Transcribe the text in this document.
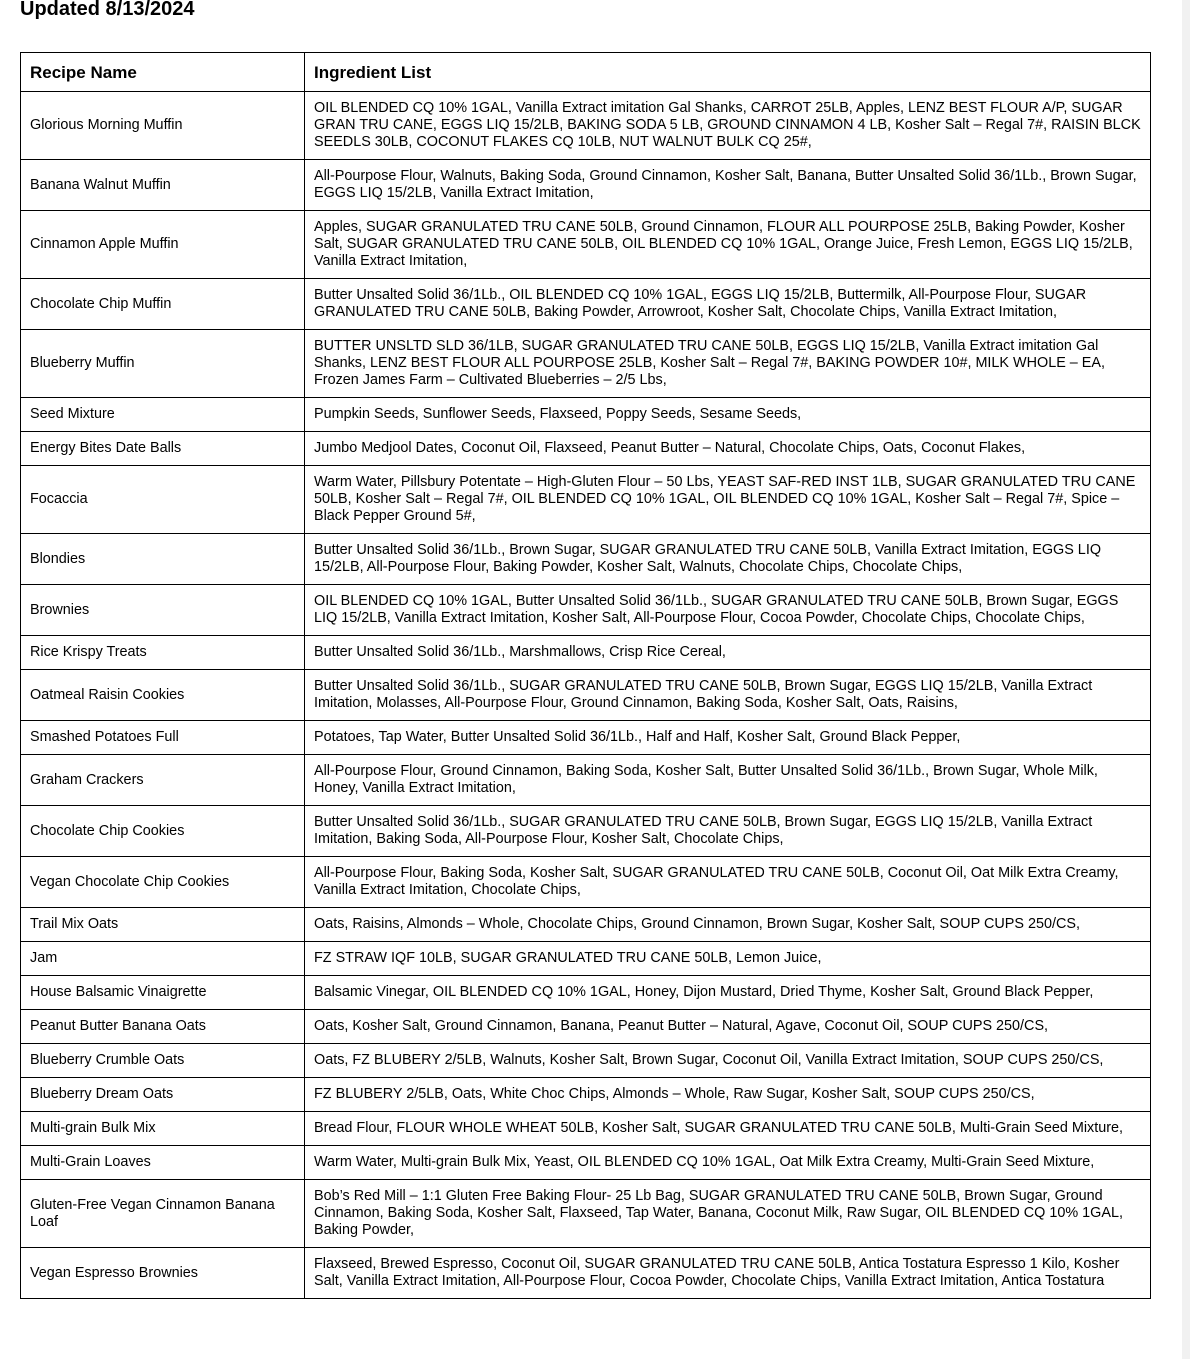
Updated 8/13/2024
Recipe Name	Ingredient List
Glorious Morning Muffin	OIL BLENDED CQ 10% 1GAL, Vanilla Extract imitation Gal Shanks, CARROT 25LB, Apples, LENZ BEST FLOUR A/P, SUGAR GRAN TRU CANE, EGGS LIQ 15/2LB, BAKING SODA 5 LB, GROUND CINNAMON 4 LB, Kosher Salt – Regal 7#, RAISIN BLCK SEEDLS 30LB, COCONUT FLAKES CQ 10LB, NUT WALNUT BULK CQ 25#,
Banana Walnut Muffin	All-Pourpose Flour, Walnuts, Baking Soda, Ground Cinnamon, Kosher Salt, Banana, Butter Unsalted Solid 36/1Lb., Brown Sugar, EGGS LIQ 15/2LB, Vanilla Extract Imitation,
Cinnamon Apple Muffin	Apples, SUGAR GRANULATED TRU CANE 50LB, Ground Cinnamon, FLOUR ALL POURPOSE 25LB, Baking Powder, Kosher Salt, SUGAR GRANULATED TRU CANE 50LB, OIL BLENDED CQ 10% 1GAL, Orange Juice, Fresh Lemon, EGGS LIQ 15/2LB, Vanilla Extract Imitation,
Chocolate Chip Muffin	Butter Unsalted Solid 36/1Lb., OIL BLENDED CQ 10% 1GAL, EGGS LIQ 15/2LB, Buttermilk, All-Pourpose Flour, SUGAR GRANULATED TRU CANE 50LB, Baking Powder, Arrowroot, Kosher Salt, Chocolate Chips, Vanilla Extract Imitation,
Blueberry Muffin	BUTTER UNSLTD SLD 36/1LB, SUGAR GRANULATED TRU CANE 50LB, EGGS LIQ 15/2LB, Vanilla Extract imitation Gal Shanks, LENZ BEST FLOUR ALL POURPOSE 25LB, Kosher Salt – Regal 7#, BAKING POWDER 10#, MILK WHOLE – EA, Frozen James Farm – Cultivated Blueberries – 2/5 Lbs,
Seed Mixture	Pumpkin Seeds, Sunflower Seeds, Flaxseed, Poppy Seeds, Sesame Seeds,
Energy Bites Date Balls	Jumbo Medjool Dates, Coconut Oil, Flaxseed, Peanut Butter – Natural, Chocolate Chips, Oats, Coconut Flakes,
Focaccia	Warm Water, Pillsbury Potentate – High-Gluten Flour – 50 Lbs, YEAST SAF-RED INST 1LB, SUGAR GRANULATED TRU CANE 50LB, Kosher Salt – Regal 7#, OIL BLENDED CQ 10% 1GAL, OIL BLENDED CQ 10% 1GAL, Kosher Salt – Regal 7#, Spice – Black Pepper Ground 5#,
Blondies	Butter Unsalted Solid 36/1Lb., Brown Sugar, SUGAR GRANULATED TRU CANE 50LB, Vanilla Extract Imitation, EGGS LIQ 15/2LB, All-Pourpose Flour, Baking Powder, Kosher Salt, Walnuts, Chocolate Chips, Chocolate Chips,
Brownies	OIL BLENDED CQ 10% 1GAL, Butter Unsalted Solid 36/1Lb., SUGAR GRANULATED TRU CANE 50LB, Brown Sugar, EGGS LIQ 15/2LB, Vanilla Extract Imitation, Kosher Salt, All-Pourpose Flour, Cocoa Powder, Chocolate Chips, Chocolate Chips,
Rice Krispy Treats	Butter Unsalted Solid 36/1Lb., Marshmallows, Crisp Rice Cereal,
Oatmeal Raisin Cookies	Butter Unsalted Solid 36/1Lb., SUGAR GRANULATED TRU CANE 50LB, Brown Sugar, EGGS LIQ 15/2LB, Vanilla Extract Imitation, Molasses, All-Pourpose Flour, Ground Cinnamon, Baking Soda, Kosher Salt, Oats, Raisins,
Smashed Potatoes Full	Potatoes, Tap Water, Butter Unsalted Solid 36/1Lb., Half and Half, Kosher Salt, Ground Black Pepper,
Graham Crackers	All-Pourpose Flour, Ground Cinnamon, Baking Soda, Kosher Salt, Butter Unsalted Solid 36/1Lb., Brown Sugar, Whole Milk, Honey, Vanilla Extract Imitation,
Chocolate Chip Cookies	Butter Unsalted Solid 36/1Lb., SUGAR GRANULATED TRU CANE 50LB, Brown Sugar, EGGS LIQ 15/2LB, Vanilla Extract Imitation, Baking Soda, All-Pourpose Flour, Kosher Salt, Chocolate Chips,
Vegan Chocolate Chip Cookies	All-Pourpose Flour, Baking Soda, Kosher Salt, SUGAR GRANULATED TRU CANE 50LB, Coconut Oil, Oat Milk Extra Creamy, Vanilla Extract Imitation, Chocolate Chips,
Trail Mix Oats	Oats, Raisins, Almonds – Whole, Chocolate Chips, Ground Cinnamon, Brown Sugar, Kosher Salt, SOUP CUPS 250/CS,
Jam	FZ STRAW IQF 10LB, SUGAR GRANULATED TRU CANE 50LB, Lemon Juice,
House Balsamic Vinaigrette	Balsamic Vinegar, OIL BLENDED CQ 10% 1GAL, Honey, Dijon Mustard, Dried Thyme, Kosher Salt, Ground Black Pepper,
Peanut Butter Banana Oats	Oats, Kosher Salt, Ground Cinnamon, Banana, Peanut Butter – Natural, Agave, Coconut Oil, SOUP CUPS 250/CS,
Blueberry Crumble Oats	Oats, FZ BLUBERY 2/5LB, Walnuts, Kosher Salt, Brown Sugar, Coconut Oil, Vanilla Extract Imitation, SOUP CUPS 250/CS,
Blueberry Dream Oats	FZ BLUBERY 2/5LB, Oats, White Choc Chips, Almonds – Whole, Raw Sugar, Kosher Salt, SOUP CUPS 250/CS,
Multi-grain Bulk Mix	Bread Flour, FLOUR WHOLE WHEAT 50LB, Kosher Salt, SUGAR GRANULATED TRU CANE 50LB, Multi-Grain Seed Mixture,
Multi-Grain Loaves	Warm Water, Multi-grain Bulk Mix, Yeast, OIL BLENDED CQ 10% 1GAL, Oat Milk Extra Creamy, Multi-Grain Seed Mixture,
Gluten-Free Vegan Cinnamon Banana Loaf	Bob’s Red Mill – 1:1 Gluten Free Baking Flour- 25 Lb Bag, SUGAR GRANULATED TRU CANE 50LB, Brown Sugar, Ground Cinnamon, Baking Soda, Kosher Salt, Flaxseed, Tap Water, Banana, Coconut Milk, Raw Sugar, OIL BLENDED CQ 10% 1GAL, Baking Powder,
Vegan Espresso Brownies	Flaxseed, Brewed Espresso, Coconut Oil, SUGAR GRANULATED TRU CANE 50LB, Antica Tostatura Espresso 1 Kilo, Kosher Salt, Vanilla Extract Imitation, All-Pourpose Flour, Cocoa Powder, Chocolate Chips, Vanilla Extract Imitation, Antica Tostatura
